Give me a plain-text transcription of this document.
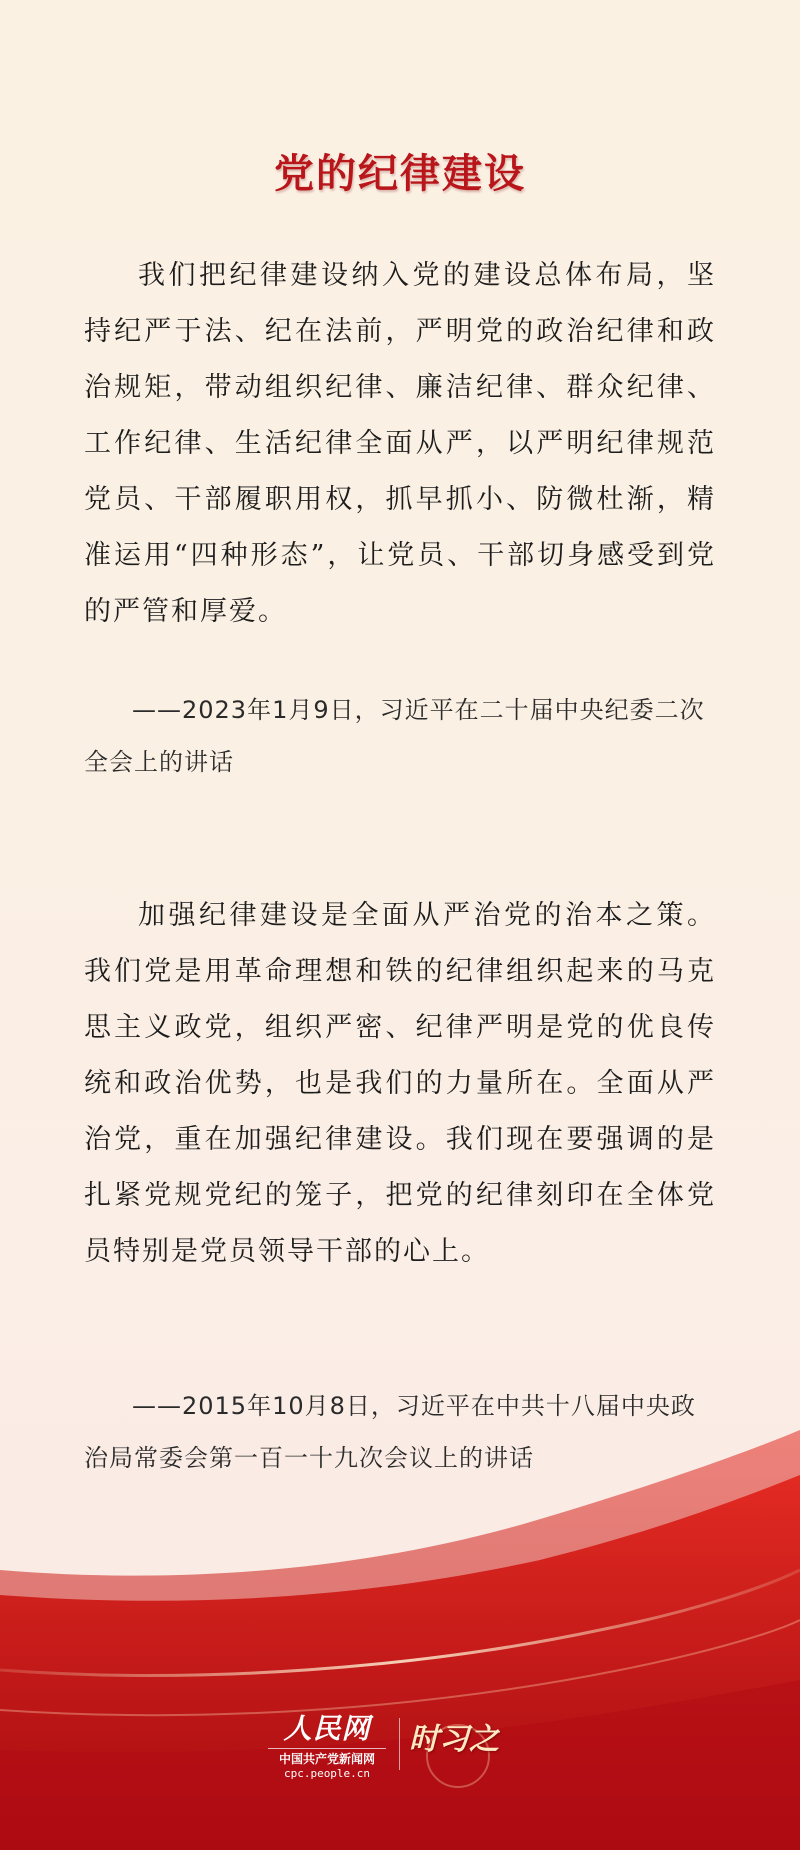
党的纪律建设

我们把纪律建设纳入党的建设总体布局，坚持纪严于法、纪在法前，严明党的政治纪律和政治规矩，带动组织纪律、廉洁纪律、群众纪律、工作纪律、生活纪律全面从严，以严明纪律规范党员、干部履职用权，抓早抓小、防微杜渐，精准运用“四种形态”，让党员、干部切身感受到党的严管和厚爱。

——2023年1月9日，习近平在二十届中央纪委二次全会上的讲话

加强纪律建设是全面从严治党的治本之策。我们党是用革命理想和铁的纪律组织起来的马克思主义政党，组织严密、纪律严明是党的优良传统和政治优势，也是我们的力量所在。全面从严治党，重在加强纪律建设。我们现在要强调的是扎紧党规党纪的笼子，把党的纪律刻印在全体党员特别是党员领导干部的心上。

——2015年10月8日，习近平在中共十八届中央政治局常委会第一百一十九次会议上的讲话

人民网
中国共产党新闻网
cpc.people.cn
时习之
